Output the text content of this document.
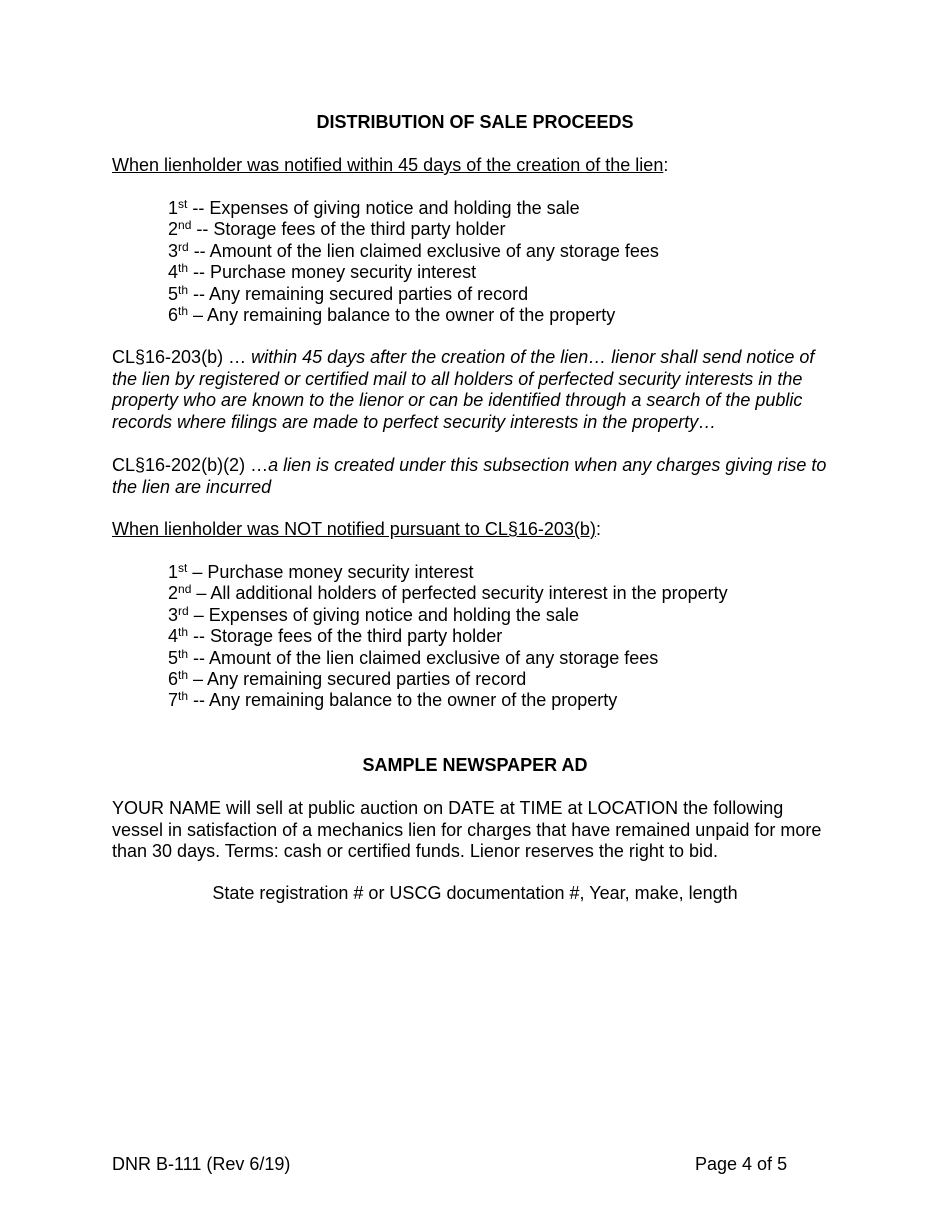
DISTRIBUTION OF SALE PROCEEDS
When lienholder was notified within 45 days of the creation of the lien:
1st -- Expenses of giving notice and holding the sale
2nd -- Storage fees of the third party holder
3rd -- Amount of the lien claimed exclusive of any storage fees
4th -- Purchase money security interest
5th -- Any remaining secured parties of record
6th – Any remaining balance to the owner of the property
CL§16-203(b) … within 45 days after the creation of the lien… lienor shall send notice of the lien by registered or certified mail to all holders of perfected security interests in the property who are known to the lienor or can be identified through a search of the public records where filings are made to perfect security interests in the property…
CL§16-202(b)(2) …a lien is created under this subsection when any charges giving rise to the lien are incurred
When lienholder was NOT notified pursuant to CL§16-203(b):
1st – Purchase money security interest
2nd – All additional holders of perfected security interest in the property
3rd – Expenses of giving notice and holding the sale
4th -- Storage fees of the third party holder
5th -- Amount of the lien claimed exclusive of any storage fees
6th – Any remaining secured parties of record
7th -- Any remaining balance to the owner of the property
SAMPLE NEWSPAPER AD
YOUR NAME will sell at public auction on DATE at TIME at LOCATION the following vessel in satisfaction of a mechanics lien for charges that have remained unpaid for more than 30 days. Terms: cash or certified funds. Lienor reserves the right to bid.
State registration # or USCG documentation #, Year, make, length
DNR B-111 (Rev 6/19)	Page 4 of 5
